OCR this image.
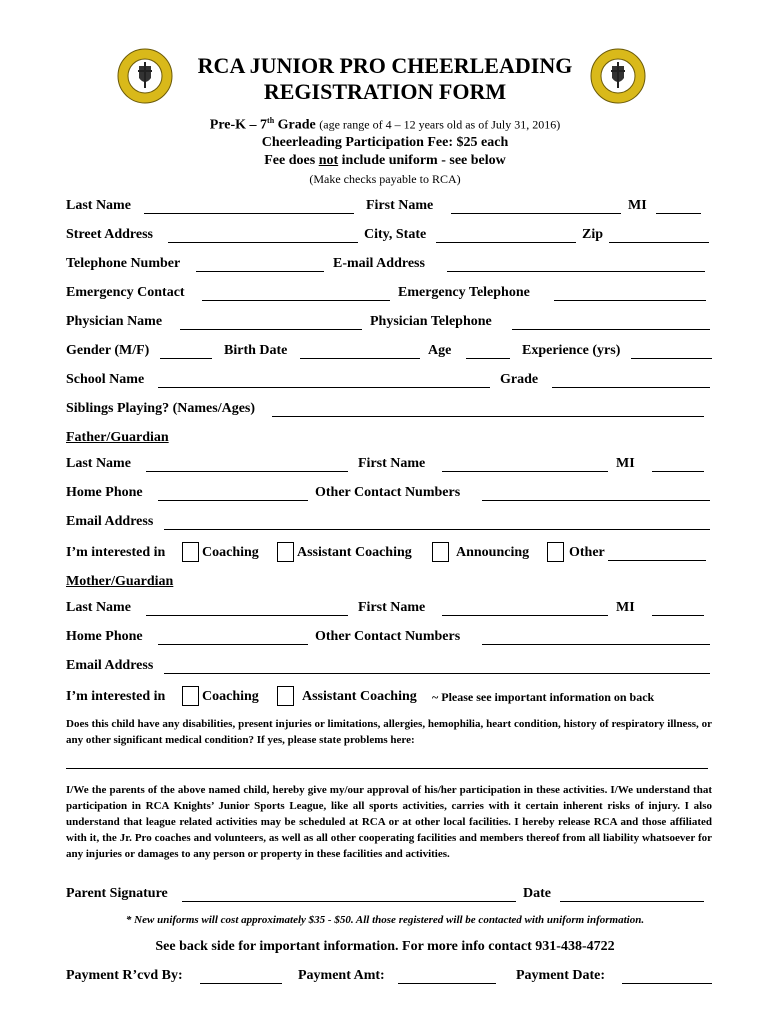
RCA JUNIOR PRO CHEERLEADING
REGISTRATION FORM
Pre-K – 7th Grade (age range of 4 – 12 years old as of July 31, 2016)
Cheerleading Participation Fee: $25 each
Fee does not include uniform - see below
(Make checks payable to RCA)
Last Name	First Name	MI
Street Address	City, State	Zip
Telephone Number	E-mail Address
Emergency Contact	Emergency Telephone
Physician Name	Physician Telephone
Gender (M/F)	Birth Date	Age	Experience (yrs)
School Name	Grade
Siblings Playing? (Names/Ages)
Father/Guardian
Last Name	First Name	MI
Home Phone	Other Contact Numbers
Email Address
I’m interested in	Coaching	Assistant Coaching	Announcing	Other
Mother/Guardian
Last Name	First Name	MI
Home Phone	Other Contact Numbers
Email Address
I’m interested in	Coaching	Assistant Coaching ~ Please see important information on back
Does this child have any disabilities, present injuries or limitations, allergies, hemophilia, heart condition, history of respiratory illness, or any other significant medical condition? If yes, please state problems here:
I/We the parents of the above named child, hereby give my/our approval of his/her participation in these activities. I/We understand that participation in RCA Knights’ Junior Sports League, like all sports activities, carries with it certain inherent risks of injury. I also understand that league related activities may be scheduled at RCA or at other local facilities. I hereby release RCA and those affiliated with it, the Jr. Pro coaches and volunteers, as well as all other cooperating facilities and members thereof from all liability whatsoever for any injuries or damages to any person or property in these facilities and activities.
Parent Signature	Date
* New uniforms will cost approximately $35 - $50. All those registered will be contacted with uniform information.
See back side for important information. For more info contact 931-438-4722
Payment R’cvd By:	Payment Amt:	Payment Date:
